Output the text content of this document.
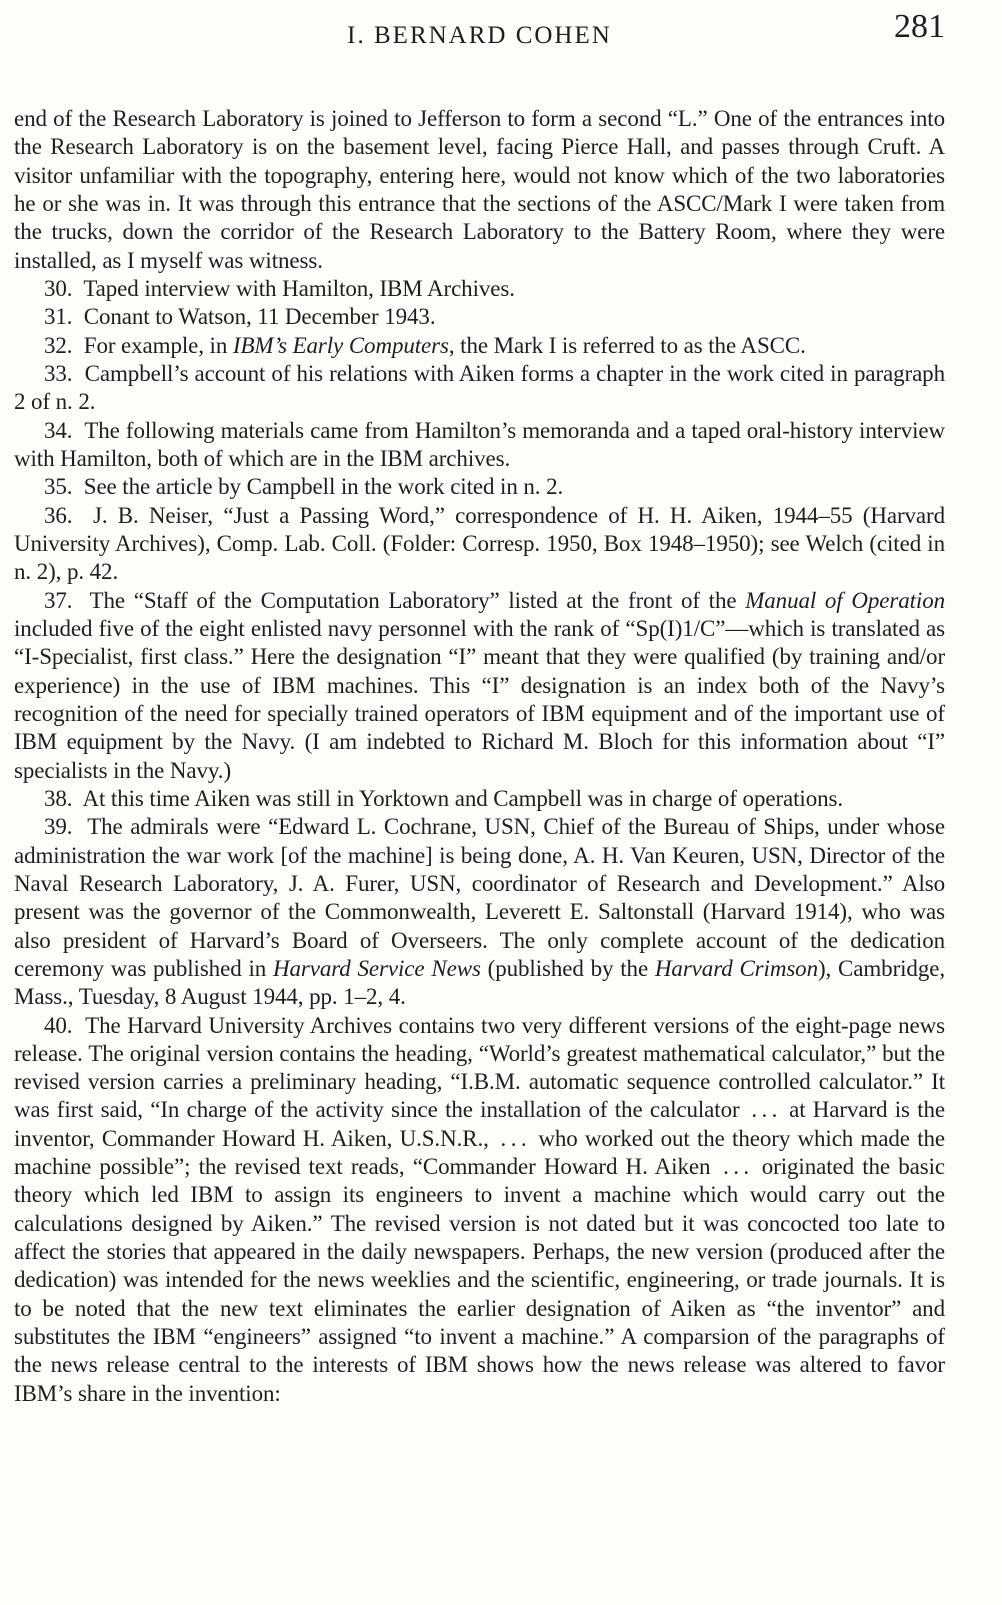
I. BERNARD COHEN	281

end of the Research Laboratory is joined to Jefferson to form a second “L.” One of the entrances into the Research Laboratory is on the basement level, facing Pierce Hall, and passes through Cruft. A visitor unfamiliar with the topography, entering here, would not know which of the two laboratories he or she was in. It was through this entrance that the sections of the ASCC/Mark I were taken from the trucks, down the corridor of the Research Laboratory to the Battery Room, where they were installed, as I myself was witness.

30.  Taped interview with Hamilton, IBM Archives.

31.  Conant to Watson, 11 December 1943.

32.  For example, in IBM’s Early Computers, the Mark I is referred to as the ASCC.

33.  Campbell’s account of his relations with Aiken forms a chapter in the work cited in paragraph 2 of n. 2.

34.  The following materials came from Hamilton’s memoranda and a taped oral-history interview with Hamilton, both of which are in the IBM archives.

35.  See the article by Campbell in the work cited in n. 2.

36.  J. B. Neiser, “Just a Passing Word,” correspondence of H. H. Aiken, 1944–55 (Harvard University Archives), Comp. Lab. Coll. (Folder: Corresp. 1950, Box 1948–1950); see Welch (cited in n. 2), p. 42.

37.  The “Staff of the Computation Laboratory” listed at the front of the Manual of Operation included five of the eight enlisted navy personnel with the rank of “Sp(I)1/C”—which is translated as “I-Specialist, first class.” Here the designation “I” meant that they were qualified (by training and/or experience) in the use of IBM machines. This “I” designation is an index both of the Navy’s recognition of the need for specially trained operators of IBM equipment and of the important use of IBM equipment by the Navy. (I am indebted to Richard M. Bloch for this information about “I” specialists in the Navy.)

38.  At this time Aiken was still in Yorktown and Campbell was in charge of operations.

39.  The admirals were “Edward L. Cochrane, USN, Chief of the Bureau of Ships, under whose administration the war work [of the machine] is being done, A. H. Van Keuren, USN, Director of the Naval Research Laboratory, J. A. Furer, USN, coordinator of Research and Development.” Also present was the governor of the Commonwealth, Leverett E. Saltonstall (Harvard 1914), who was also president of Harvard’s Board of Overseers. The only complete account of the dedication ceremony was published in Harvard Service News (published by the Harvard Crimson), Cambridge, Mass., Tuesday, 8 August 1944, pp. 1–2, 4.

40.  The Harvard University Archives contains two very different versions of the eight-page news release. The original version contains the heading, “World’s greatest mathematical calculator,” but the revised version carries a preliminary heading, “I.B.M. automatic sequence controlled calculator.” It was first said, “In charge of the activity since the installation of the calculator  . . .  at Harvard is the inventor, Commander Howard H. Aiken, U.S.N.R.,  . . .  who worked out the theory which made the machine possible”; the revised text reads, “Commander Howard H. Aiken  . . .  originated the basic theory which led IBM to assign its engineers to invent a machine which would carry out the calculations designed by Aiken.” The revised version is not dated but it was concocted too late to affect the stories that appeared in the daily newspapers. Perhaps, the new version (produced after the dedication) was intended for the news weeklies and the scientific, engineering, or trade journals. It is to be noted that the new text eliminates the earlier designation of Aiken as “the inventor” and substitutes the IBM “engineers” assigned “to invent a machine.” A comparsion of the paragraphs of the news release central to the interests of IBM shows how the news release was altered to favor IBM’s share in the invention:
